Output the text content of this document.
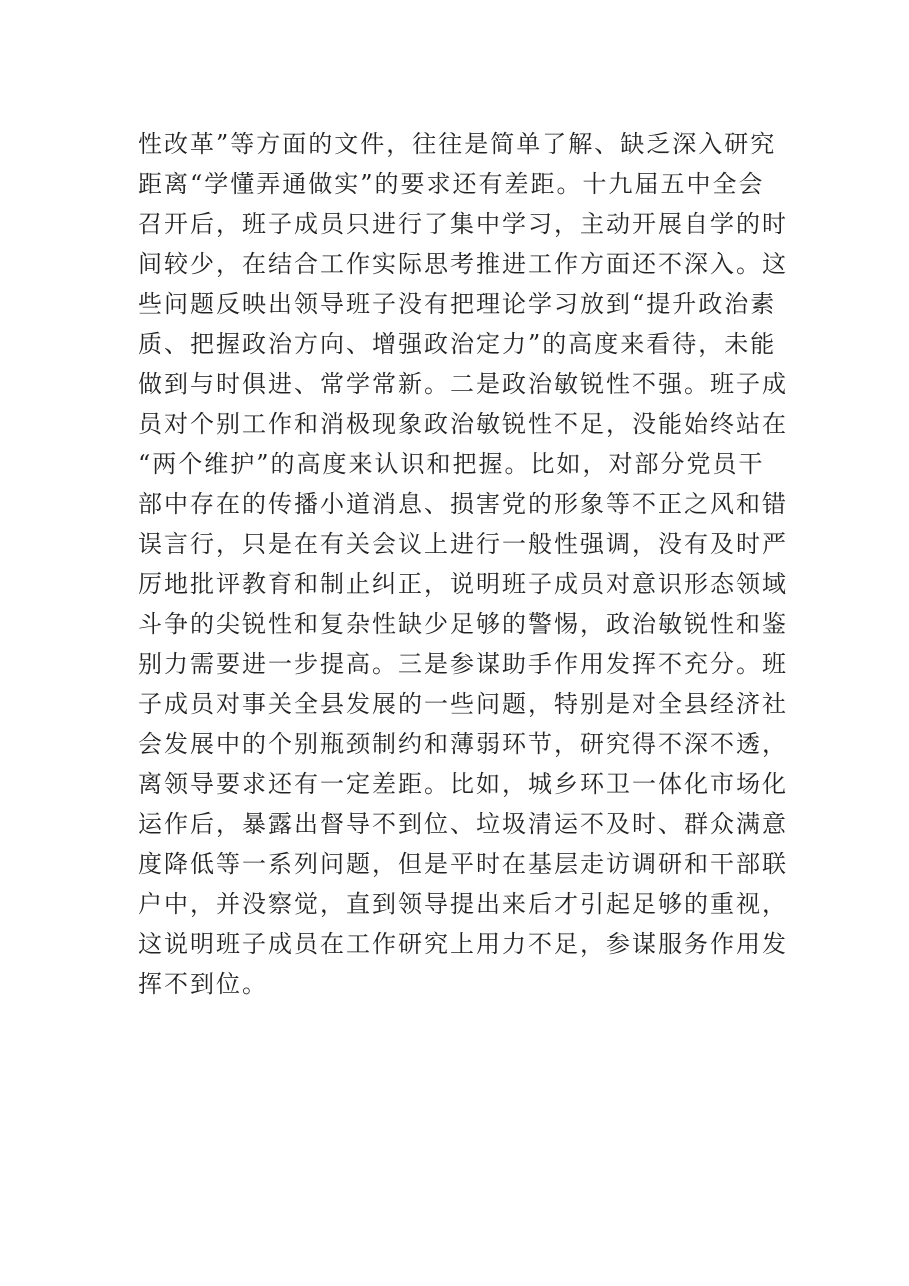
性改革”等方面的文件，往往是简单了解、缺乏深入研究
距离“学懂弄通做实”的要求还有差距。十九届五中全会
召开后，班子成员只进行了集中学习，主动开展自学的时
间较少，在结合工作实际思考推进工作方面还不深入。这
些问题反映出领导班子没有把理论学习放到“提升政治素
质、把握政治方向、增强政治定力”的高度来看待，未能
做到与时俱进、常学常新。二是政治敏锐性不强。班子成
员对个别工作和消极现象政治敏锐性不足，没能始终站在
“两个维护”的高度来认识和把握。比如，对部分党员干
部中存在的传播小道消息、损害党的形象等不正之风和错
误言行，只是在有关会议上进行一般性强调，没有及时严
厉地批评教育和制止纠正，说明班子成员对意识形态领域
斗争的尖锐性和复杂性缺少足够的警惕，政治敏锐性和鉴
别力需要进一步提高。三是参谋助手作用发挥不充分。班
子成员对事关全县发展的一些问题，特别是对全县经济社
会发展中的个别瓶颈制约和薄弱环节，研究得不深不透，
离领导要求还有一定差距。比如，城乡环卫一体化市场化
运作后，暴露出督导不到位、垃圾清运不及时、群众满意
度降低等一系列问题，但是平时在基层走访调研和干部联
户中，并没察觉，直到领导提出来后才引起足够的重视，
这说明班子成员在工作研究上用力不足，参谋服务作用发
挥不到位。
